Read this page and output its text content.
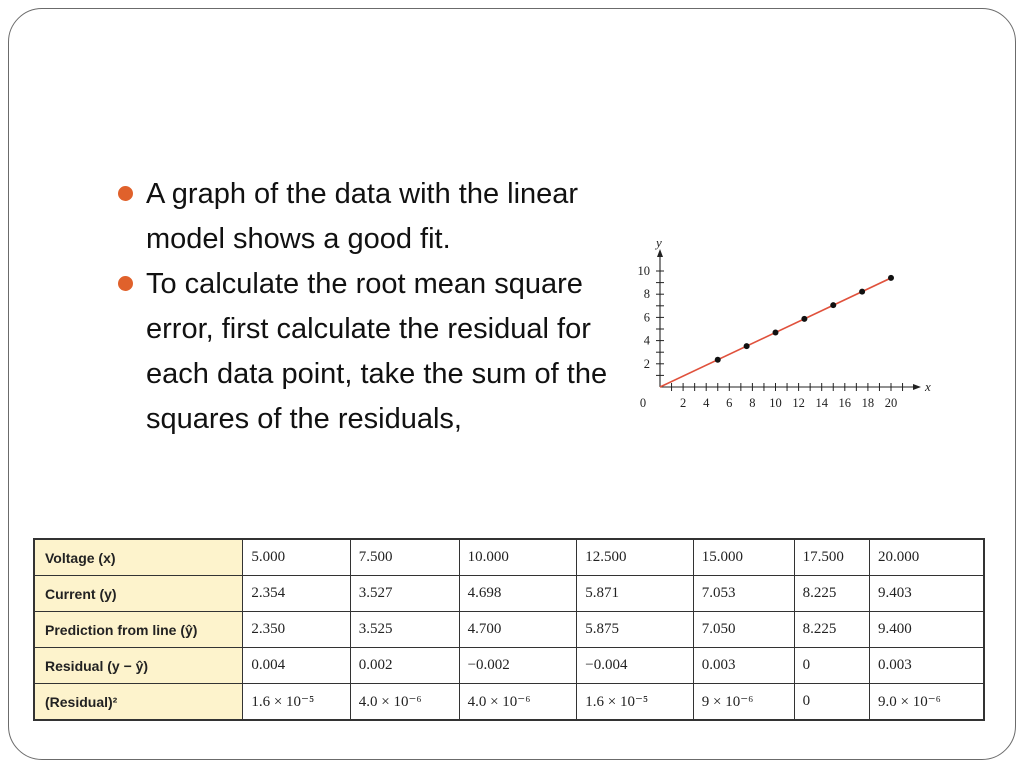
A graph of the data with the linear model shows a good fit.
To calculate the root mean square error, first calculate the residual for each data point, take the sum of the squares of the residuals,
x
y
0	2 4 6 8 10 12 14 16 18 20
2
4
6
8
10
Voltage (x)	5.000	7.500	10.000	12.500	15.000	17.500	20.000
Current (y)	2.354	3.527	4.698	5.871	7.053	8.225	9.403
Prediction from line (ŷ)	2.350	3.525	4.700	5.875	7.050	8.225	9.400
Residual (y − ŷ)	0.004	0.002	−0.002	−0.004	0.003	0	0.003
(Residual)²	1.6 × 10⁻⁵	4.0 × 10⁻⁶	4.0 × 10⁻⁶	1.6 × 10⁻⁵	9 × 10⁻⁶	0	9.0 × 10⁻⁶
